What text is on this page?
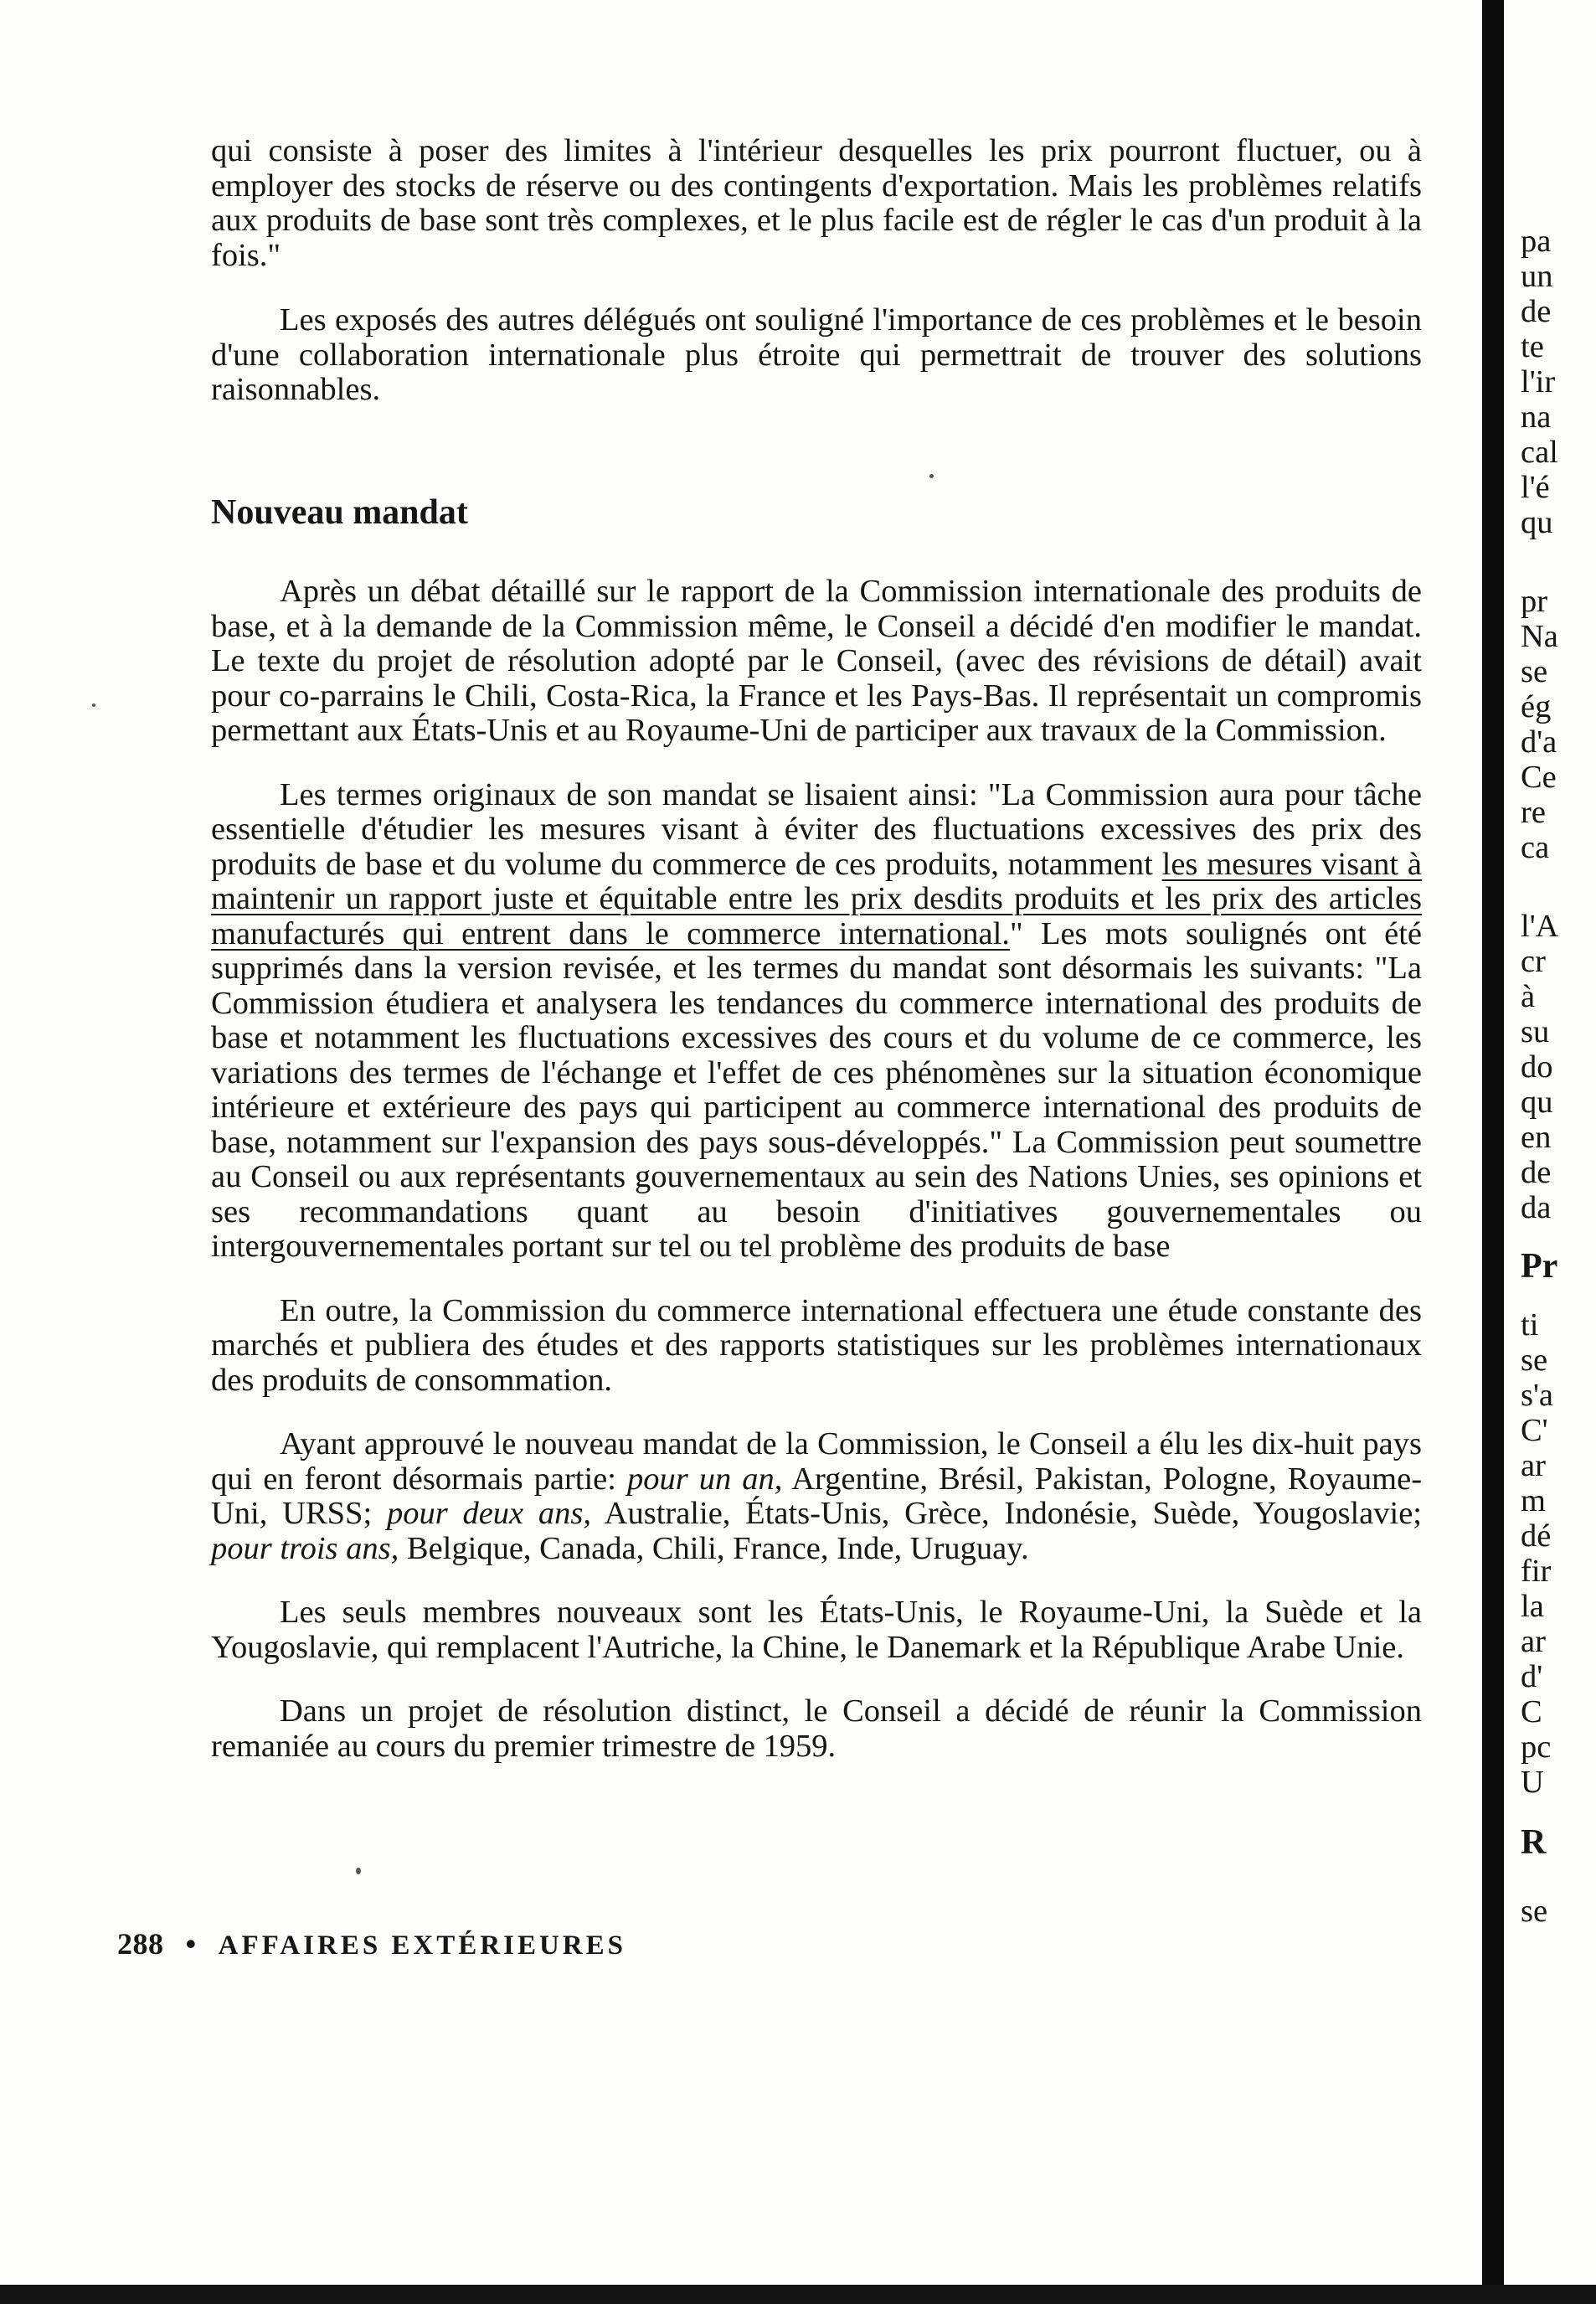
qui consiste à poser des limites à l'intérieur desquelles les prix pourront fluctuer, ou à employer des stocks de réserve ou des contingents d'exportation. Mais les problèmes relatifs aux produits de base sont très complexes, et le plus facile est de régler le cas d'un produit à la fois."

Les exposés des autres délégués ont souligné l'importance de ces problèmes et le besoin d'une collaboration internationale plus étroite qui permettrait de trouver des solutions raisonnables.

Nouveau mandat

Après un débat détaillé sur le rapport de la Commission internationale des produits de base, et à la demande de la Commission même, le Conseil a décidé d'en modifier le mandat. Le texte du projet de résolution adopté par le Conseil, (avec des révisions de détail) avait pour co-parrains le Chili, Costa-Rica, la France et les Pays-Bas. Il représentait un compromis permettant aux États-Unis et au Royaume-Uni de participer aux travaux de la Commission.

Les termes originaux de son mandat se lisaient ainsi: "La Commission aura pour tâche essentielle d'étudier les mesures visant à éviter des fluctuations excessives des prix des produits de base et du volume du commerce de ces produits, notamment les mesures visant à maintenir un rapport juste et équitable entre les prix desdits produits et les prix des articles manufacturés qui entrent dans le commerce international." Les mots soulignés ont été supprimés dans la version revisée, et les termes du mandat sont désormais les suivants: "La Commission étudiera et analysera les tendances du commerce international des produits de base et notamment les fluctuations excessives des cours et du volume de ce commerce, les variations des termes de l'échange et l'effet de ces phénomènes sur la situation économique intérieure et extérieure des pays qui participent au commerce international des produits de base, notamment sur l'expansion des pays sous-développés." La Commission peut soumettre au Conseil ou aux représentants gouvernementaux au sein des Nations Unies, ses opinions et ses recommandations quant au besoin d'initiatives gouvernementales ou intergouvernementales portant sur tel ou tel problème des produits de base

En outre, la Commission du commerce international effectuera une étude constante des marchés et publiera des études et des rapports statistiques sur les problèmes internationaux des produits de consommation.

Ayant approuvé le nouveau mandat de la Commission, le Conseil a élu les dix-huit pays qui en feront désormais partie: pour un an, Argentine, Brésil, Pakistan, Pologne, Royaume-Uni, URSS; pour deux ans, Australie, États-Unis, Grèce, Indonésie, Suède, Yougoslavie; pour trois ans, Belgique, Canada, Chili, France, Inde, Uruguay.

Les seuls membres nouveaux sont les États-Unis, le Royaume-Uni, la Suède et la Yougoslavie, qui remplacent l'Autriche, la Chine, le Danemark et la République Arabe Unie.

Dans un projet de résolution distinct, le Conseil a décidé de réunir la Commission remaniée au cours du premier trimestre de 1959.

288 • AFFAIRES EXTÉRIEURES
pa
un
de
te
l'ir
na
cal
l'é
qu
pr
Na
se
ég
d'a
Ce
re
ca
l'A
cr
à
su
do
qu
en
de
da
Pr
ti
se
s'a
C'
ar
m
dé
fir
la
ar
d'
C
pc
U
R
se
